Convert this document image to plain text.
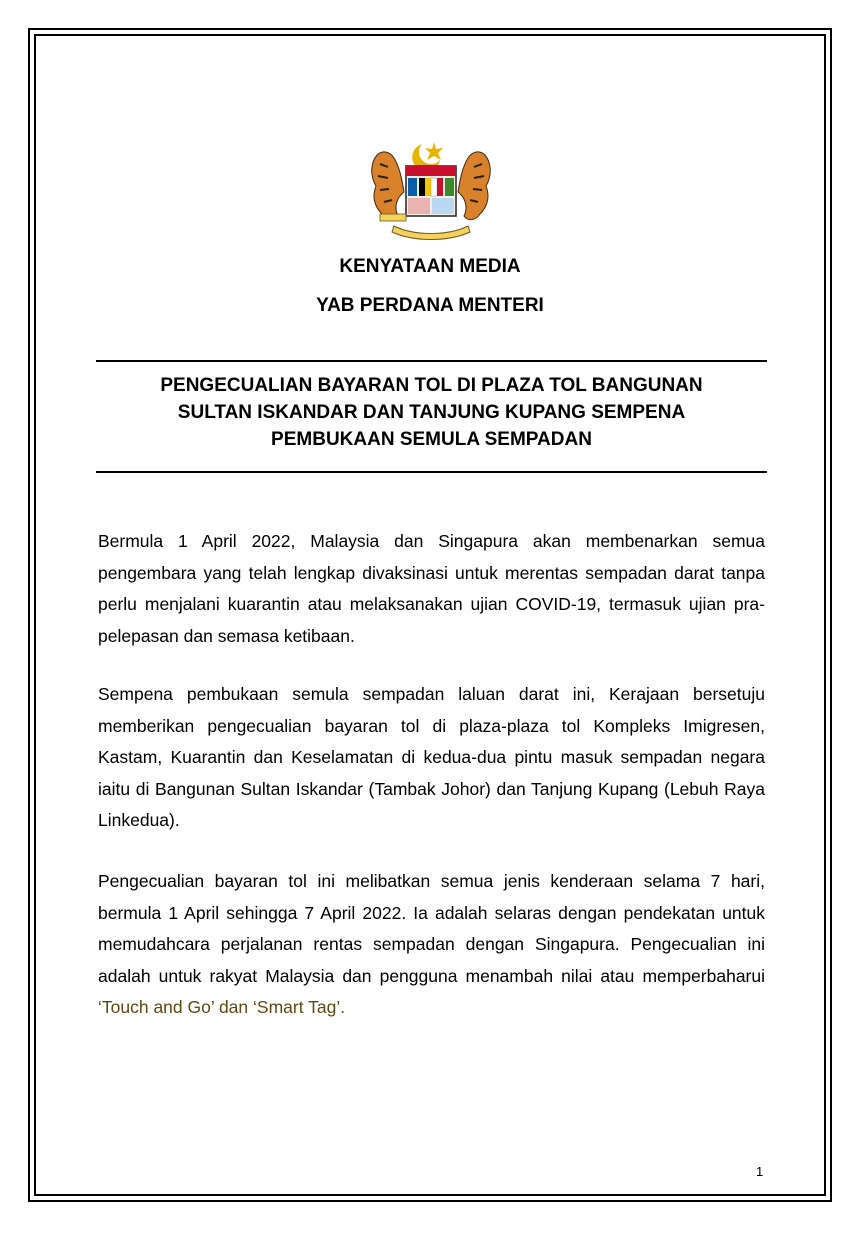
KENYATAAN MEDIA
YAB PERDANA MENTERI
PENGECUALIAN BAYARAN TOL DI PLAZA TOL BANGUNAN
SULTAN ISKANDAR DAN TANJUNG KUPANG SEMPENA
PEMBUKAAN SEMULA SEMPADAN
Bermula 1 April 2022, Malaysia dan Singapura akan membenarkan semua pengembara yang telah lengkap divaksinasi untuk merentas sempadan darat tanpa perlu menjalani kuarantin atau melaksanakan ujian COVID-19, termasuk ujian pra-pelepasan dan semasa ketibaan.
Sempena pembukaan semula sempadan laluan darat ini, Kerajaan bersetuju memberikan pengecualian bayaran tol di plaza-plaza tol Kompleks Imigresen, Kastam, Kuarantin dan Keselamatan di kedua-dua pintu masuk sempadan negara iaitu di Bangunan Sultan Iskandar (Tambak Johor) dan Tanjung Kupang (Lebuh Raya Linkedua).
Pengecualian bayaran tol ini melibatkan semua jenis kenderaan selama 7 hari, bermula 1 April sehingga 7 April 2022. Ia adalah selaras dengan pendekatan untuk memudahcara perjalanan rentas sempadan dengan Singapura. Pengecualian ini adalah untuk rakyat Malaysia dan pengguna menambah nilai atau memperbaharui ‘Touch and Go’ dan ‘Smart Tag’.
1
